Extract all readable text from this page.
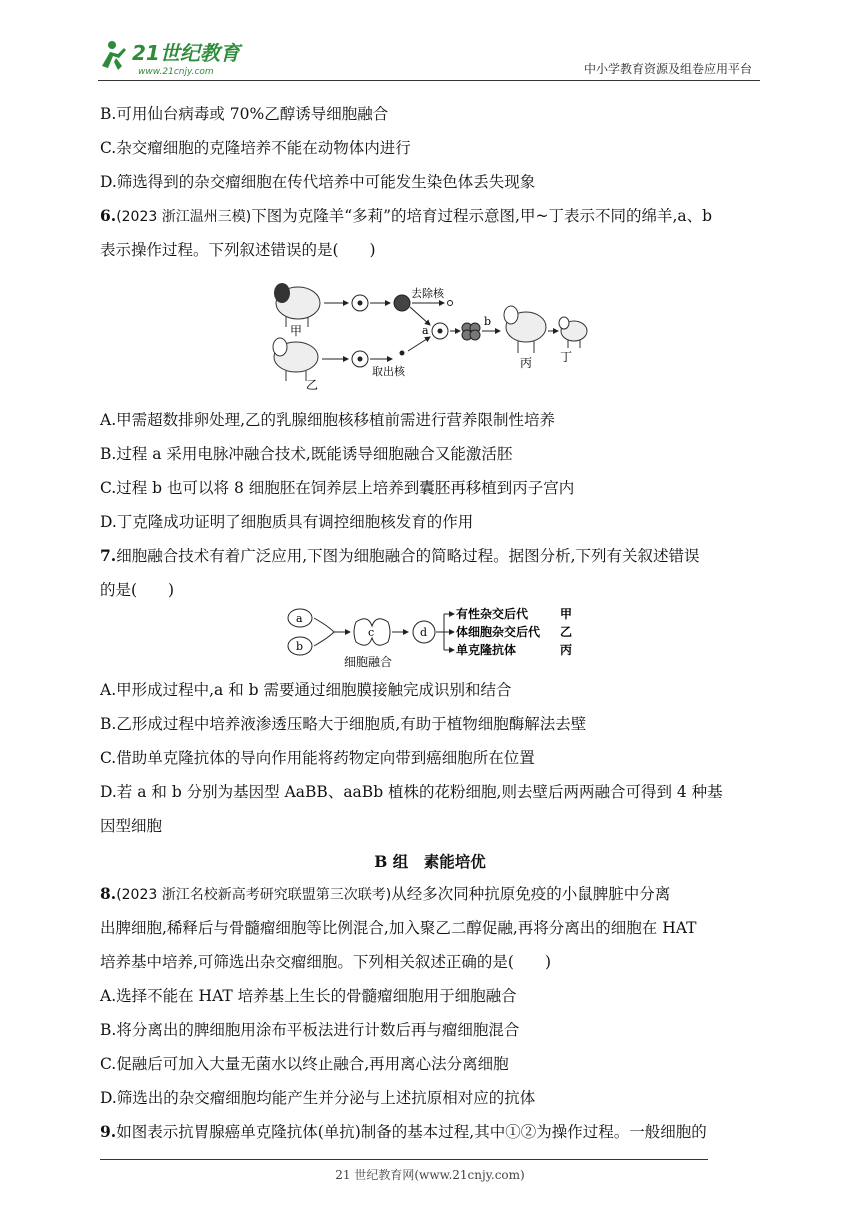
21世纪教育
www.21cnjy.com	中小学教育资源及组卷应用平台
B.可用仙台病毒或 70%乙醇诱导细胞融合
C.杂交瘤细胞的克隆培养不能在动物体内进行
D.筛选得到的杂交瘤细胞在传代培养中可能发生染色体丢失现象
6.(2023 浙江温州三模)下图为克隆羊“多莉”的培育过程示意图,甲~丁表示不同的绵羊,a、b
表示操作过程。下列叙述错误的是(　　)
甲
去除核
乙
取出核
a
b
丙 丁
A.甲需超数排卵处理,乙的乳腺细胞核移植前需进行营养限制性培养
B.过程 a 采用电脉冲融合技术,既能诱导细胞融合又能激活胚
C.过程 b 也可以将 8 细胞胚在饲养层上培养到囊胚再移植到丙子宫内
D.丁克隆成功证明了细胞质具有调控细胞核发育的作用
7.细胞融合技术有着广泛应用,下图为细胞融合的简略过程。据图分析,下列有关叙述错误
的是(　　)
a
b
c
细胞融合
d
有性杂交后代	甲
体细胞杂交后代 乙
单克隆抗体	丙
A.甲形成过程中,a 和 b 需要通过细胞膜接触完成识别和结合
B.乙形成过程中培养液渗透压略大于细胞质,有助于植物细胞酶解法去壁
C.借助单克隆抗体的导向作用能将药物定向带到癌细胞所在位置
D.若 a 和 b 分别为基因型 AaBB、aaBb 植株的花粉细胞,则去壁后两两融合可得到 4 种基
因型细胞
B 组　素能培优
8.(2023 浙江名校新高考研究联盟第三次联考)从经多次同种抗原免疫的小鼠脾脏中分离
出脾细胞,稀释后与骨髓瘤细胞等比例混合,加入聚乙二醇促融,再将分离出的细胞在 HAT
培养基中培养,可筛选出杂交瘤细胞。下列相关叙述正确的是(　　)
A.选择不能在 HAT 培养基上生长的骨髓瘤细胞用于细胞融合
B.将分离出的脾细胞用涂布平板法进行计数后再与瘤细胞混合
C.促融后可加入大量无菌水以终止融合,再用离心法分离细胞
D.筛选出的杂交瘤细胞均能产生并分泌与上述抗原相对应的抗体
9.如图表示抗胃腺癌单克隆抗体(单抗)制备的基本过程,其中①②为操作过程。一般细胞的
21 世纪教育网(www.21cnjy.com)
